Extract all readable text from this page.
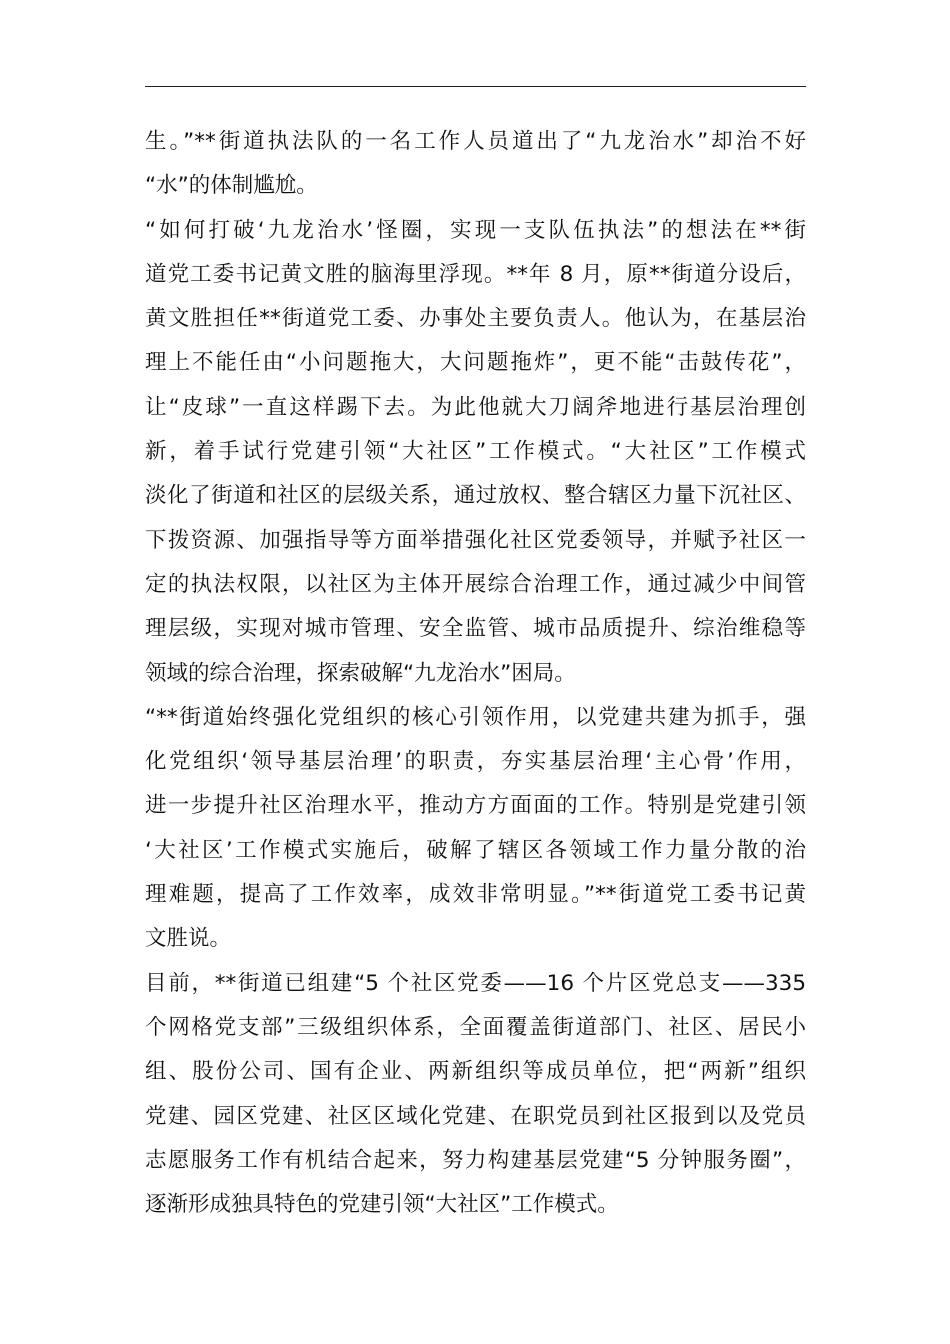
生。”**街道执法队的一名工作人员道出了“九龙治水”却治不好
“水”的体制尴尬。
“如何打破‘九龙治水’怪圈，实现一支队伍执法”的想法在**街
道党工委书记黄文胜的脑海里浮现。**年 8 月，原**街道分设后，
黄文胜担任**街道党工委、办事处主要负责人。他认为，在基层治
理上不能任由“小问题拖大，大问题拖炸”，更不能“击鼓传花”，
让“皮球”一直这样踢下去。为此他就大刀阔斧地进行基层治理创
新，着手试行党建引领“大社区”工作模式。“大社区”工作模式
淡化了街道和社区的层级关系，通过放权、整合辖区力量下沉社区、
下拨资源、加强指导等方面举措强化社区党委领导，并赋予社区一
定的执法权限，以社区为主体开展综合治理工作，通过减少中间管
理层级，实现对城市管理、安全监管、城市品质提升、综治维稳等
领域的综合治理，探索破解“九龙治水”困局。
“**街道始终强化党组织的核心引领作用，以党建共建为抓手，强
化党组织‘领导基层治理’的职责，夯实基层治理‘主心骨’作用，
进一步提升社区治理水平，推动方方面面的工作。特别是党建引领
‘大社区’工作模式实施后，破解了辖区各领域工作力量分散的治
理难题，提高了工作效率，成效非常明显。”**街道党工委书记黄
文胜说。
目前，**街道已组建“5 个社区党委——16 个片区党总支——335
个网格党支部”三级组织体系，全面覆盖街道部门、社区、居民小
组、股份公司、国有企业、两新组织等成员单位，把“两新”组织
党建、园区党建、社区区域化党建、在职党员到社区报到以及党员
志愿服务工作有机结合起来，努力构建基层党建“5 分钟服务圈”，
逐渐形成独具特色的党建引领“大社区”工作模式。
